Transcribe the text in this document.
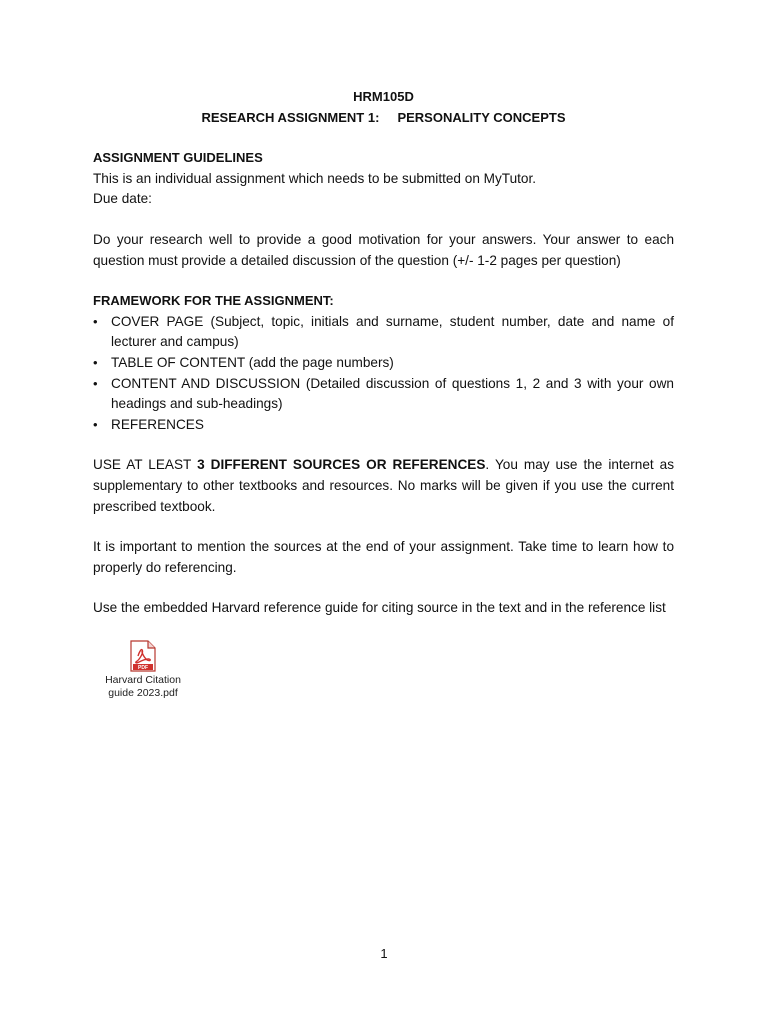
HRM105D
RESEARCH ASSIGNMENT 1:     PERSONALITY CONCEPTS
ASSIGNMENT GUIDELINES

This is an individual assignment which needs to be submitted on MyTutor.

Due date:

Do your research well to provide a good motivation for your answers. Your answer to each question must provide a detailed discussion of the question (+/- 1-2 pages per question)

FRAMEWORK FOR THE ASSIGNMENT:
• COVER PAGE (Subject, topic, initials and surname, student number, date and name of lecturer and campus)
• TABLE OF CONTENT (add the page numbers)
• CONTENT AND DISCUSSION (Detailed discussion of questions 1, 2 and 3 with your own headings and sub-headings)
• REFERENCES

USE AT LEAST 3 DIFFERENT SOURCES OR REFERENCES. You may use the internet as supplementary to other textbooks and resources. No marks will be given if you use the current prescribed textbook.

It is important to mention the sources at the end of your assignment. Take time to learn how to properly do referencing.

Use the embedded Harvard reference guide for citing source in the text and in the reference list

PDF
Harvard Citation
guide 2023.pdf
1
